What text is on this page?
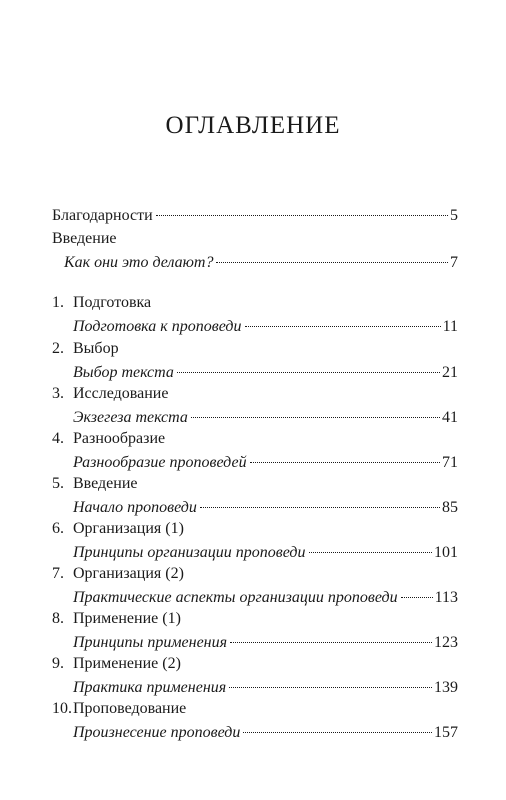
ОГЛАВЛЕНИЕ
Благодарности	5
Введение
Как они это делают?	7
1. Подготовка
Подготовка к проповеди	11
2. Выбор
Выбор текста	21
3. Исследование
Экзегеза текста	41
4. Разнообразие
Разнообразие проповедей	71
5. Введение
Начало проповеди	85
6. Организация (1)
Принципы организации проповеди	101
7. Организация (2)
Практические аспекты организации проповеди 113
8. Применение (1)
Принципы применения	123
9. Применение (2)
Практика применения	139
10. Проповедование
Произнесение проповеди	157
